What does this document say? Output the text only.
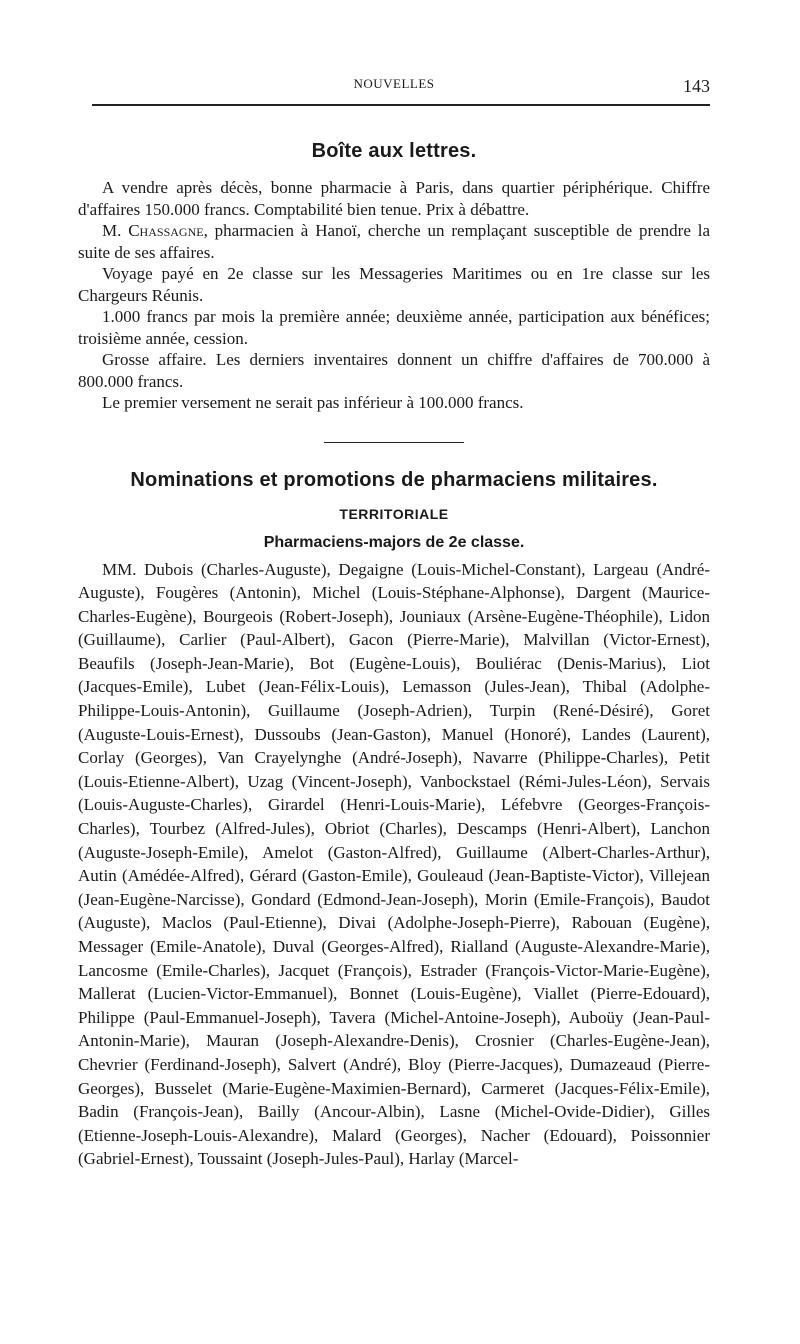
NOUVELLES	143
Boîte aux lettres.

A vendre après décès, bonne pharmacie à Paris, dans quartier périphérique. Chiffre d'affaires 150.000 francs. Comptabilité bien tenue. Prix à débattre.

M. Chassagne, pharmacien à Hanoï, cherche un remplaçant susceptible de prendre la suite de ses affaires.

Voyage payé en 2e classe sur les Messageries Maritimes ou en 1re classe sur les Chargeurs Réunis.

1.000 francs par mois la première année; deuxième année, participation aux bénéfices; troisième année, cession.

Grosse affaire. Les derniers inventaires donnent un chiffre d'affaires de 700.000 à 800.000 francs.

Le premier versement ne serait pas inférieur à 100.000 francs.

Nominations et promotions de pharmaciens militaires.
TERRITORIALE
Pharmaciens-majors de 2e classe.

MM. Dubois (Charles-Auguste), Degaigne (Louis-Michel-Constant), Largeau (André-Auguste), Fougères (Antonin), Michel (Louis-Stéphane-Alphonse), Dargent (Maurice-Charles-Eugène), Bourgeois (Robert-Joseph), Jouniaux (Arsène-Eugène-Théophile), Lidon (Guillaume), Carlier (Paul-Albert), Gacon (Pierre-Marie), Malvillan (Victor-Ernest), Beaufils (Joseph-Jean-Marie), Bot (Eugène-Louis), Bouliérac (Denis-Marius), Liot (Jacques-Emile), Lubet (Jean-Félix-Louis), Lemasson (Jules-Jean), Thibal (Adolphe-Philippe-Louis-Antonin), Guillaume (Joseph-Adrien), Turpin (René-Désiré), Goret (Auguste-Louis-Ernest), Dussoubs (Jean-Gaston), Manuel (Honoré), Landes (Laurent), Corlay (Georges), Van Crayelynghe (André-Joseph), Navarre (Philippe-Charles), Petit (Louis-Etienne-Albert), Uzag (Vincent-Joseph), Vanbockstael (Rémi-Jules-Léon), Servais (Louis-Auguste-Charles), Girardel (Henri-Louis-Marie), Léfebvre (Georges-François-Charles), Tourbez (Alfred-Jules), Obriot (Charles), Descamps (Henri-Albert), Lanchon (Auguste-Joseph-Emile), Amelot (Gaston-Alfred), Guillaume (Albert-Charles-Arthur), Autin (Amédée-Alfred), Gérard (Gaston-Emile), Gouleaud (Jean-Baptiste-Victor), Villejean (Jean-Eugène-Narcisse), Gondard (Edmond-Jean-Joseph), Morin (Emile-François), Baudot (Auguste), Maclos (Paul-Etienne), Divai (Adolphe-Joseph-Pierre), Rabouan (Eugène), Messager (Emile-Anatole), Duval (Georges-Alfred), Rialland (Auguste-Alexandre-Marie), Lancosme (Emile-Charles), Jacquet (François), Estrader (François-Victor-Marie-Eugène), Mallerat (Lucien-Victor-Emmanuel), Bonnet (Louis-Eugène), Viallet (Pierre-Edouard), Philippe (Paul-Emmanuel-Joseph), Tavera (Michel-Antoine-Joseph), Auboüy (Jean-Paul-Antonin-Marie), Mauran (Joseph-Alexandre-Denis), Crosnier (Charles-Eugène-Jean), Chevrier (Ferdinand-Joseph), Salvert (André), Bloy (Pierre-Jacques), Dumazeaud (Pierre-Georges), Busselet (Marie-Eugène-Maximien-Bernard), Carmeret (Jacques-Félix-Emile), Badin (François-Jean), Bailly (Ancour-Albin), Lasne (Michel-Ovide-Didier), Gilles (Etienne-Joseph-Louis-Alexandre), Malard (Georges), Nacher (Edouard), Poissonnier (Gabriel-Ernest), Toussaint (Joseph-Jules-Paul), Harlay (Marcel-
